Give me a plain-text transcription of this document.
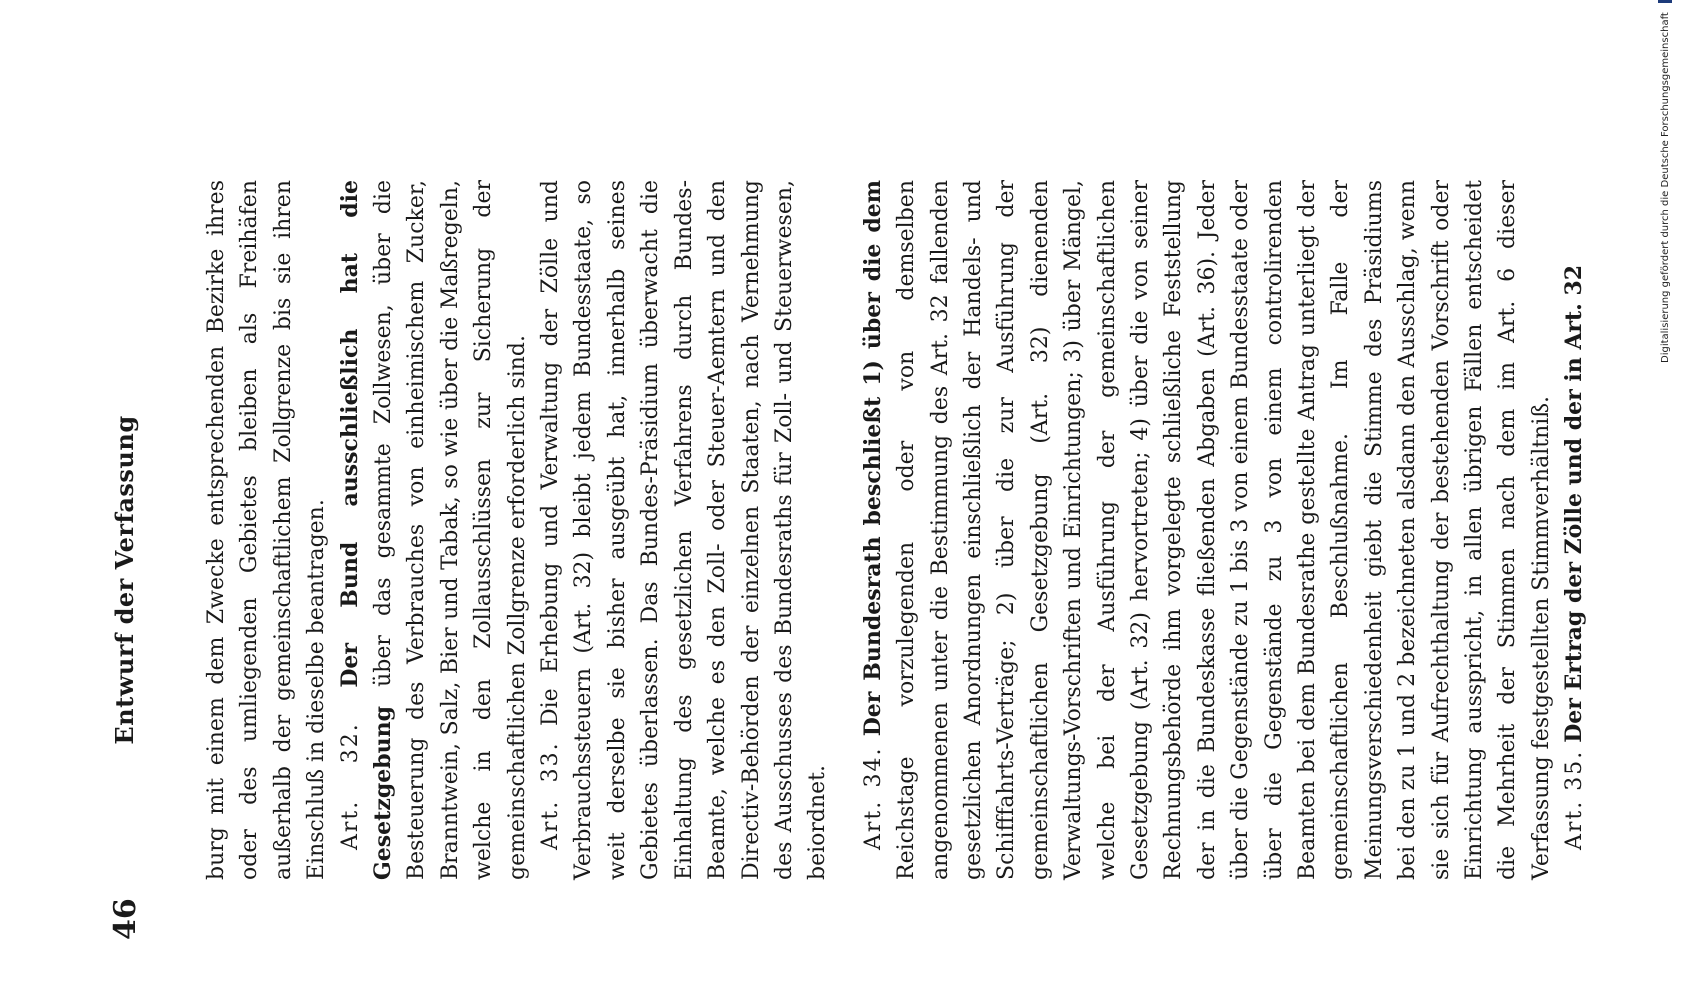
46
Entwurf der Verfassung	burg mit einem dem Zwecke entsprechenden Bezirke ihres oder des umliegenden Gebietes bleiben als Freihäfen außerhalb der gemeinschaftlichem Zollgrenze bis sie ihren Einschluß in dieselbe beantragen. Art. 32. Der Bund ausschließlich hat die Gesetzgebung über das gesammte Zollwesen, über die Besteuerung des Verbrauches von einheimischem Zucker, Branntwein, Salz, Bier und Tabak, so wie über die Maßregeln, welche in den Zollausschlüssen zur Sicherung der gemeinschaftlichen Zollgrenze erforderlich sind. Art. 33. Die Erhebung und Verwaltung der Zölle und Verbrauchssteuern (Art. 32) bleibt jedem Bundesstaate, so weit derselbe sie bisher ausgeübt hat, innerhalb seines Gebietes überlassen. Das Bundes-Präsidium überwacht die Einhaltung des gesetzlichen Verfahrens durch Bundes-Beamte, welche es den Zoll- oder Steuer-Aemtern und den Directiv-Behörden der einzelnen Staaten, nach Vernehmung des Ausschusses des Bundesraths für Zoll- und Steuerwesen, beiordnet. Art. 34. Der Bundesrath beschließt 1) über die dem Reichstage vorzulegenden oder von demselben angenommenen unter die Bestimmung des Art. 32 fallenden gesetzlichen Anordnungen einschließlich der Handels- und Schifffahrts-Verträge; 2) über die zur Ausführung der gemeinschaftlichen Gesetzgebung (Art. 32) dienenden Verwaltungs-Vorschriften und Einrichtungen; 3) über Mängel, welche bei der Ausführung der gemeinschaftlichen Gesetzgebung (Art. 32) hervortreten; 4) über die von seiner Rechnungsbehörde ihm vorgelegte schließliche Feststellung der in die Bundeskasse fließenden Abgaben (Art. 36). Jeder über die Gegenstände zu 1 bis 3 von einem Bundesstaate oder über die Gegenstände zu 3 von einem controlirenden Beamten bei dem Bundesrathe gestellte Antrag unterliegt der gemeinschaftlichen Beschlußnahme. Im Falle der Meinungsverschiedenheit giebt die Stimme des Präsidiums bei den zu 1 und 2 bezeichneten alsdann den Ausschlag, wenn sie sich für Aufrechthaltung der bestehenden Vorschrift oder Einrichtung ausspricht, in allen übrigen Fällen entscheidet die Mehrheit der Stimmen nach dem im Art. 6 dieser Verfassung festgestellten Stimmverhältniß. Art. 35. Der Ertrag der Zölle und der in Art. 32

Digitalisierung gefördert durch die Deutsche Forschungsgemeinschaft
